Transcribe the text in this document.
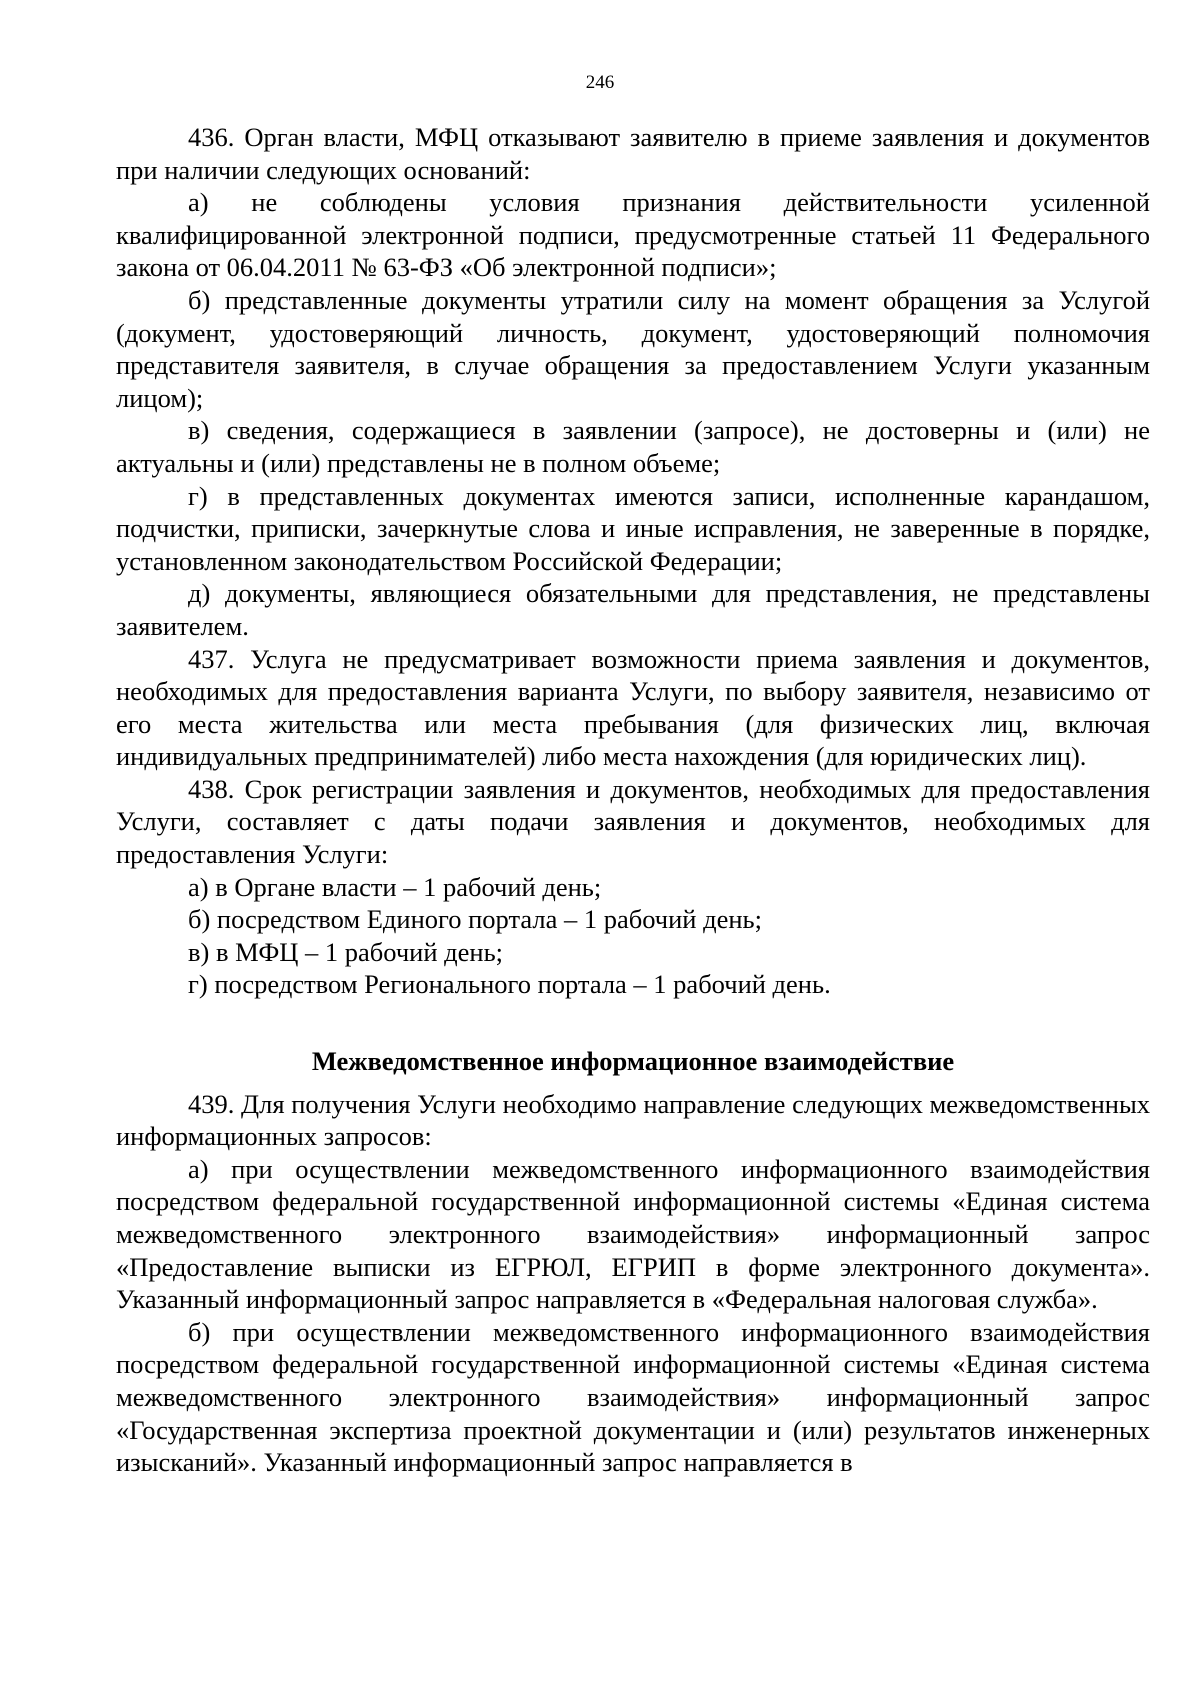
246

436. Орган власти, МФЦ отказывают заявителю в приеме заявления и документов при наличии следующих оснований:

а) не соблюдены условия признания действительности усиленной квалифицированной электронной подписи, предусмотренные статьей 11 Федерального закона от 06.04.2011 № 63-ФЗ «Об электронной подписи»;

б) представленные документы утратили силу на момент обращения за Услугой (документ, удостоверяющий личность, документ, удостоверяющий полномочия представителя заявителя, в случае обращения за предоставлением Услуги указанным лицом);

в) сведения, содержащиеся в заявлении (запросе), не достоверны и (или) не актуальны и (или) представлены не в полном объеме;

г) в представленных документах имеются записи, исполненные карандашом, подчистки, приписки, зачеркнутые слова и иные исправления, не заверенные в порядке, установленном законодательством Российской Федерации;

д) документы, являющиеся обязательными для представления, не представлены заявителем.

437. Услуга не предусматривает возможности приема заявления и документов, необходимых для предоставления варианта Услуги, по выбору заявителя, независимо от его места жительства или места пребывания (для физических лиц, включая индивидуальных предпринимателей) либо места нахождения (для юридических лиц).

438. Срок регистрации заявления и документов, необходимых для предоставления Услуги, составляет с даты подачи заявления и документов, необходимых для предоставления Услуги:

а) в Органе власти – 1 рабочий день;

б) посредством Единого портала – 1 рабочий день;

в) в МФЦ – 1 рабочий день;

г) посредством Регионального портала – 1 рабочий день.

Межведомственное информационное взаимодействие

439. Для получения Услуги необходимо направление следующих межведомственных информационных запросов:

а) при осуществлении межведомственного информационного взаимодействия посредством федеральной государственной информационной системы «Единая система межведомственного электронного взаимодействия» информационный запрос «Предоставление выписки из ЕГРЮЛ, ЕГРИП в форме электронного документа». Указанный информационный запрос направляется в «Федеральная налоговая служба».

б) при осуществлении межведомственного информационного взаимодействия посредством федеральной государственной информационной системы «Единая система межведомственного электронного взаимодействия» информационный запрос «Государственная экспертиза проектной документации и (или) результатов инженерных изысканий». Указанный информационный запрос направляется в
